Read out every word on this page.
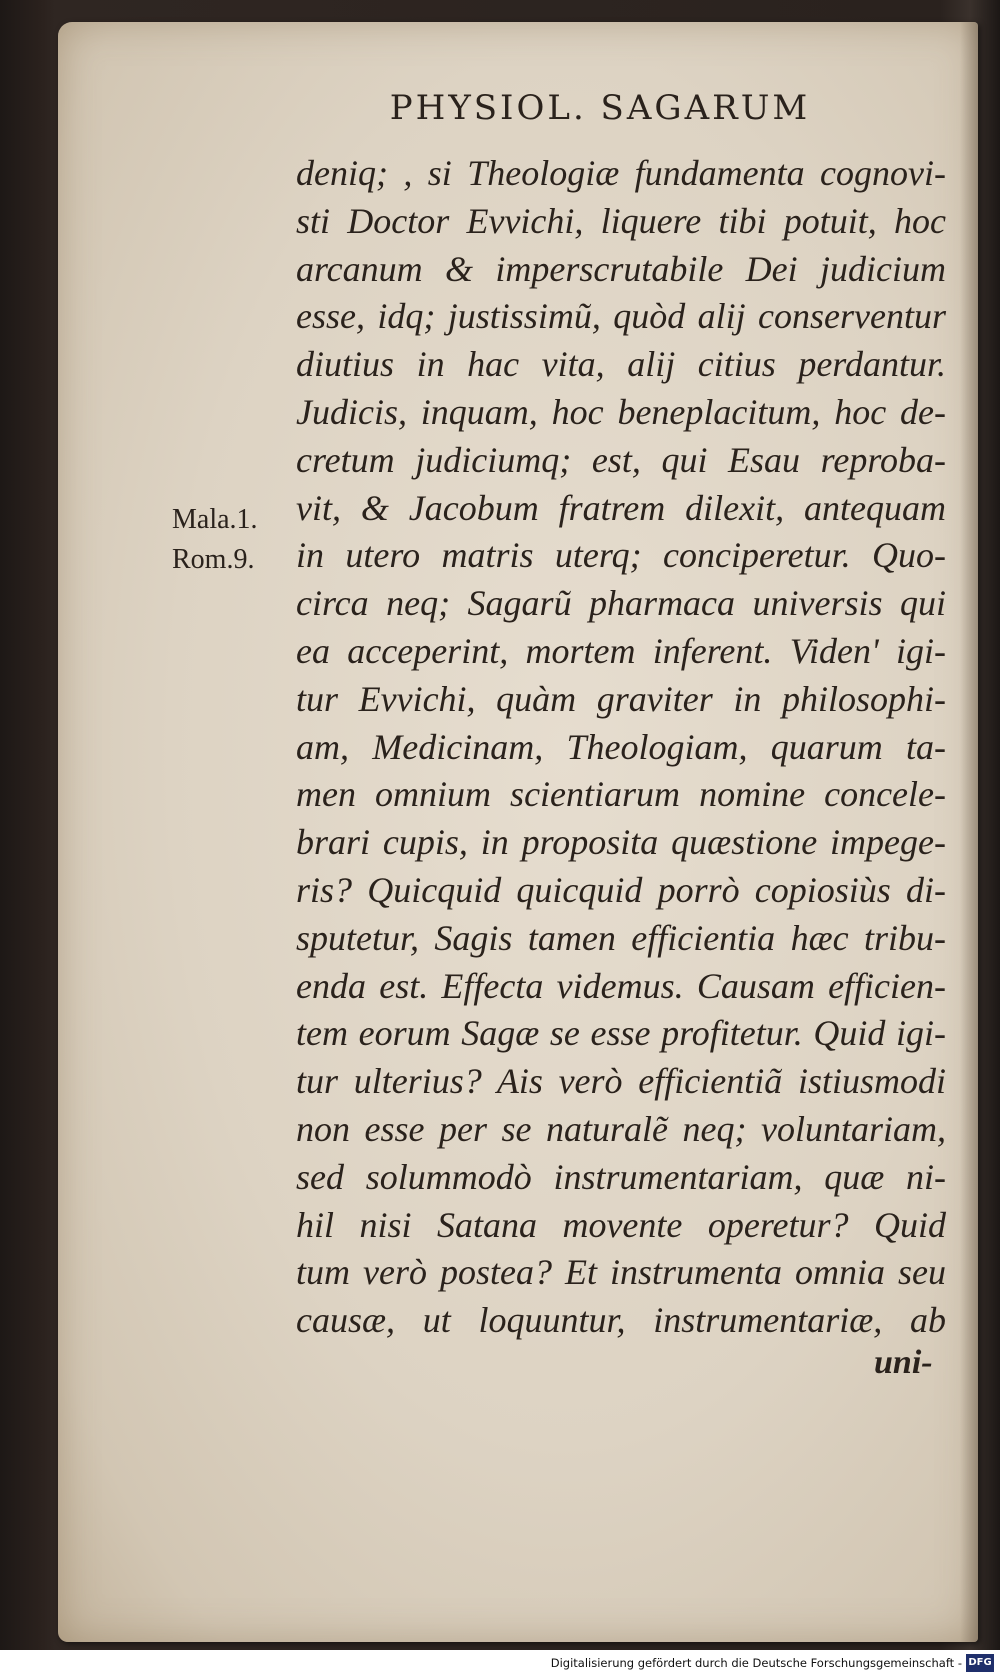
PHYSIOL. SAGARUM
Mala.1.
Rom.9.
deniq; , si Theologiæ fundamenta cognovi-
sti Doctor Evvichi, liquere tibi potuit, hoc
arcanum & imperscrutabile Dei judicium
esse, idq; justissimũ, quòd alij conserventur
diutius in hac vita, alij citius perdantur.
Judicis, inquam, hoc beneplacitum, hoc de-
cretum judiciumq; est, qui Esau reproba-
vit, & Jacobum fratrem dilexit, antequam
in utero matris uterq; conciperetur. Quo-
circa neq; Sagarũ pharmaca universis qui
ea acceperint, mortem inferent. Viden' igi-
tur Evvichi, quàm graviter in philosophi-
am, Medicinam, Theologiam, quarum ta-
men omnium scientiarum nomine concele-
brari cupis, in proposita quæstione impege-
ris? Quicquid quicquid porrò copiosiùs di-
sputetur, Sagis tamen efficientia hæc tribu-
enda est. Effecta videmus. Causam efficien-
tem eorum Sagæ se esse profitetur. Quid igi-
tur ulterius? Ais verò efficientiã istiusmodi
non esse per se naturalẽ neq; voluntariam,
sed solummodò instrumentariam, quæ ni-
hil nisi Satana movente operetur? Quid
tum verò postea? Et instrumenta omnia seu
causæ, ut loquuntur, instrumentariæ, ab
uni-
Digitalisierung gefördert durch die Deutsche Forschungsgemeinschaft - DFG
